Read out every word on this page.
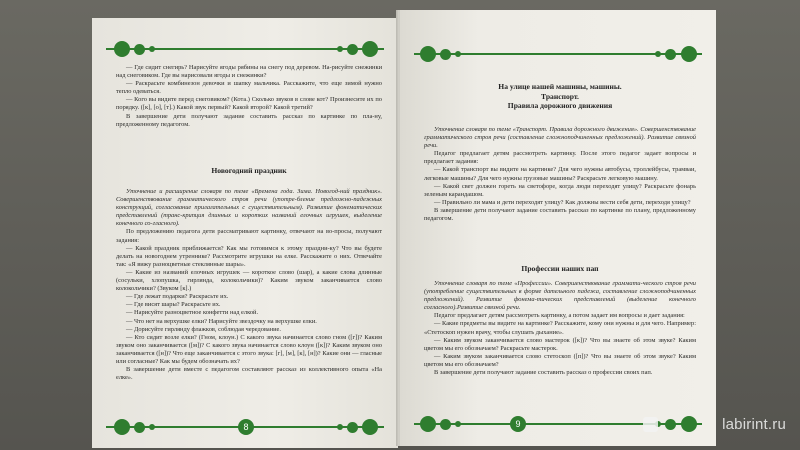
— Где сидит снегирь? Нарисуйте ягоды рябины на снегу под деревом. На-рисуйте снежинки над снеговиком. Где вы нарисовали ягоды и снежинки?

— Раскрасьте комбинезон девочки и шапку мальчика. Расскажите, что еще зимой нужно тепло одеваться.

— Кого вы видите перед снеговиком? (Кота.) Сколько звуков в слове кот? Произнесите их по порядку. ([к], [о], [т].) Какой звук первый? Какой второй? Какой третий?

В завершение дети получают задание составить рассказ по картинке по пла-ну, предложенному педагогом.

Новогодний праздник

Уточнение и расширение словаря по теме «Времена года. Зима. Новогод-ний праздник». Совершенствование грамматического строя речи (употре-бление предложно-падежных конструкций, согласование прилагательных с существительным). Развитие фонематических представлений (транс-крипция длинных и коротких названий елочных игрушек, выделение конечного со-гласного).

По предложению педагога дети рассматривают картинку, отвечают на во-просы, получают задания:

— Какой праздник приближается? Как мы готовимся к этому праздни-ку? Что вы будете делать на новогоднем утреннике? Рассмотрите игрушки на елке. Расскажите о них. Отвечайте так: «Я вижу разноцветные стеклянные шары».

— Какие из названий елочных игрушек — короткое слово (шар), а какие слова длинные (сосульки, хлопушка, гирлянда, колокольчики)? Каким звуком заканчивается слово колокольчики? (Звуком [к].)

— Где лежат подарки? Раскрасьте их.

— Где висят шары? Раскрасьте их.

— Нарисуйте разноцветное конфетти над елкой.

— Что нет на верхушке елки? Нарисуйте звездочку на верхушке елки.

— Дорисуйте гирлянду флажков, соблюдая чередование.

— Кто сидит возле елки? (Гном, клоун.) С какого звука начинается слово гном ([г])? Каким звуком оно заканчивается ([м])? С какого звука начинается слово клоун ([к])? Каким звуком оно заканчивается ([н])? Что еще заканчивается с этого звука: [г], [м], [к], [н])? Какие они — гласные или согласные? Как мы будем обозначать их?

В завершение дети вместе с педагогом составляют рассказ из коллективного опыта «На елке».

8
На улице нашей машины, машины.
Транспорт.
Правила дорожного движения

Уточнение словаря по теме «Транспорт. Правила дорожного движения». Совершенствование грамматического строя речи (составление сложноподчиненных предложений). Развитие связной речи.

Педагог предлагает детям рассмотреть картинку. После этого педагог задает вопросы и предлагает задания:

— Какой транспорт вы видите на картинке? Для чего нужны автобусы, троллейбусы, трамваи, легковые машины? Для чего нужны грузовые машины? Раскрасьте легковую машину.

— Какой свет должен гореть на светофоре, когда люди переходят улицу? Раскрасьте фонарь зеленым карандашом.

— Правильно ли мама и дети переходят улицу? Как должны вести себя дети, переходя улицу?

В завершение дети получают задание составить рассказ по картинке по плану, предложенному педагогом.

Профессии наших пап

Уточнение словаря по теме «Профессии». Совершенствование граммати-ческого строя речи (употребление существительных в форме дательного падежа, составление сложноподчиненных предложений). Развитие фонема-тических представлений (выделение конечного согласного).Развитие связной речи.

Педагог предлагает детям рассмотреть картинку, а потом задает им вопросы и дает задания:

— Какие предметы вы видите на картинке? Расскажите, кому они нужны и для чего. Например: «Стетоскоп нужен врачу, чтобы слушать дыхание».

— Каким звуком заканчивается слово мастерок ([к])? Что вы знаете об этом звуке? Каким цветом мы его обозначаем? Раскрасьте мастерок.

— Каким звуком заканчивается слово стетоскоп ([п])? Что вы знаете об этом звуке? Каким цветом мы его обозначаем?

В завершение дети получают задание составить рассказ о профессии своих пап.

9	labirint.ru
